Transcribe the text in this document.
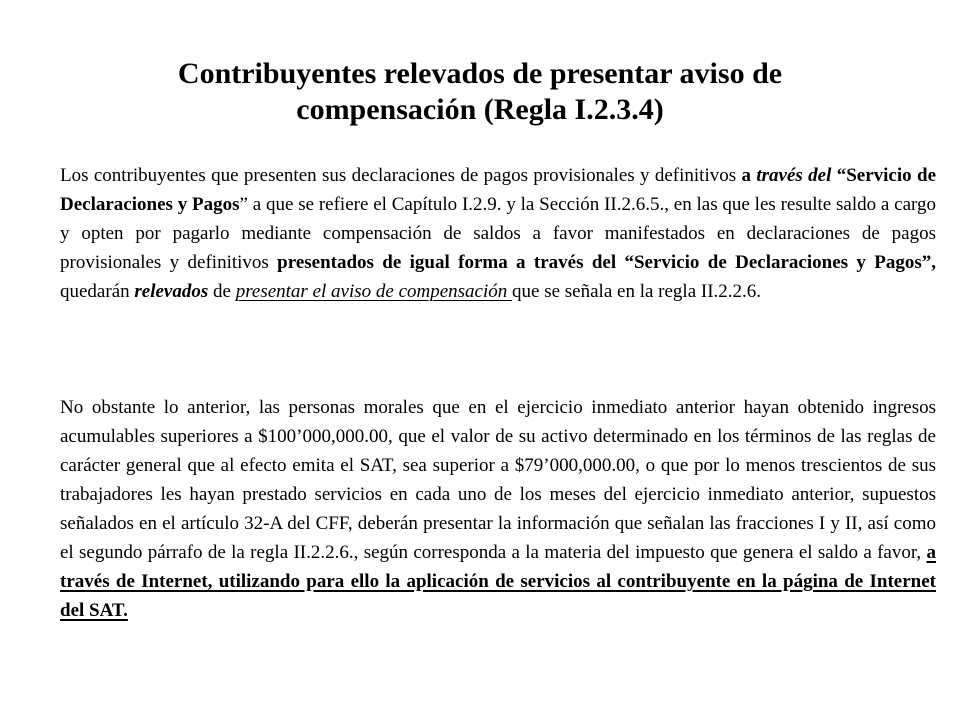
Contribuyentes relevados de presentar aviso de
compensación (Regla I.2.3.4)

Los contribuyentes que presenten sus declaraciones de pagos provisionales y definitivos a través del “Servicio de Declaraciones y Pagos” a que se refiere el Capítulo I.2.9. y la Sección II.2.6.5., en las que les resulte saldo a cargo y opten por pagarlo mediante compensación de saldos a favor manifestados en declaraciones de pagos provisionales y definitivos presentados de igual forma a través del “Servicio de Declaraciones y Pagos”, quedarán relevados de presentar el aviso de compensación que se señala en la regla II.2.2.6.

No obstante lo anterior, las personas morales que en el ejercicio inmediato anterior hayan obtenido ingresos acumulables superiores a $100’000,000.00, que el valor de su activo determinado en los términos de las reglas de carácter general que al efecto emita el SAT, sea superior a $79’000,000.00, o que por lo menos trescientos de sus trabajadores les hayan prestado servicios en cada uno de los meses del ejercicio inmediato anterior, supuestos señalados en el artículo 32-A del CFF, deberán presentar la información que señalan las fracciones I y II, así como el segundo párrafo de la regla II.2.2.6., según corresponda a la materia del impuesto que genera el saldo a favor, a través de Internet, utilizando para ello la aplicación de servicios al contribuyente en la página de Internet del SAT.
